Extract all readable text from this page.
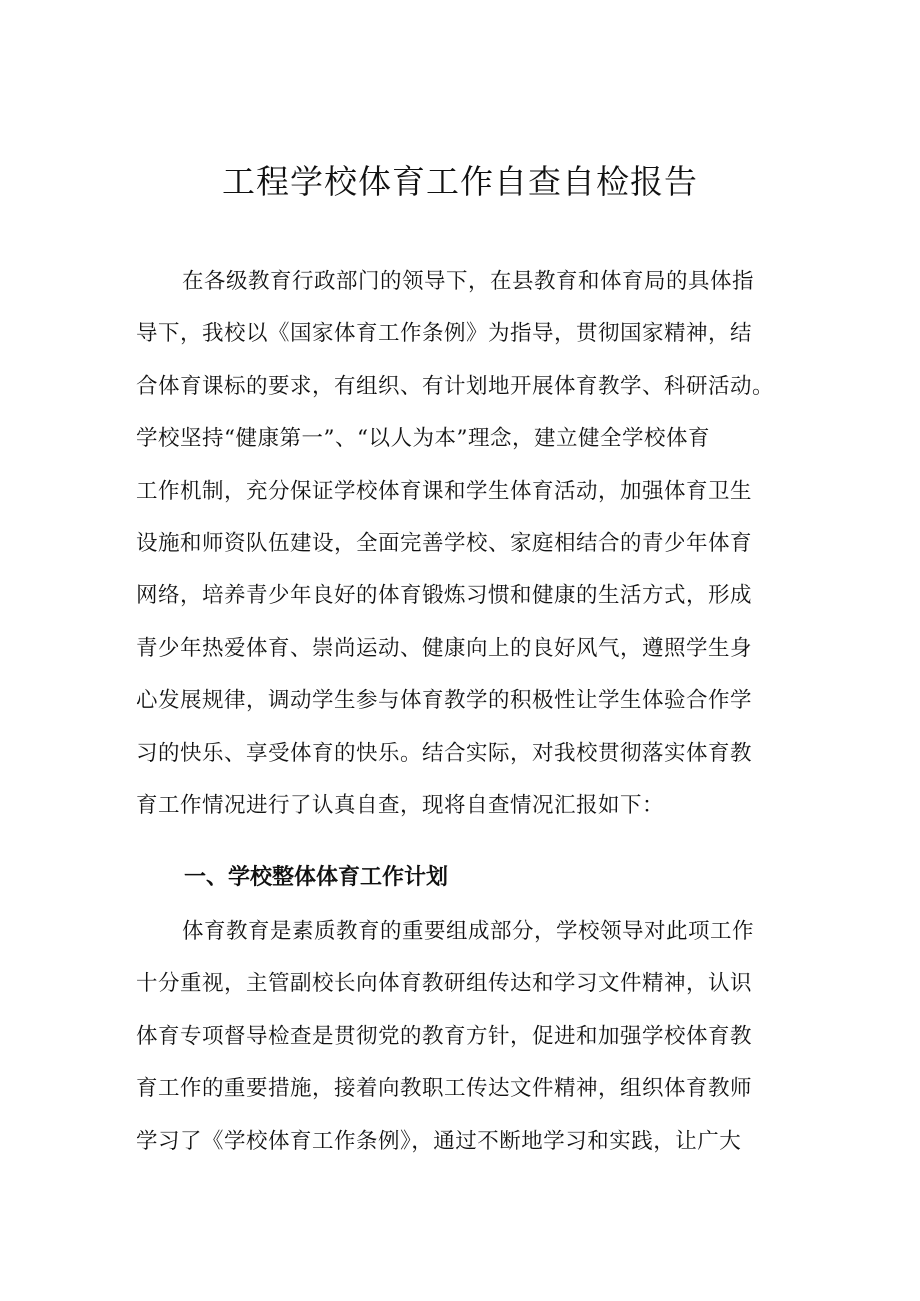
工程学校体育工作自查自检报告
在各级教育行政部门的领导下，在县教育和体育局的具体指
导下，我校以《国家体育工作条例》为指导，贯彻国家精神，结
合体育课标的要求，有组织、有计划地开展体育教学、科研活动。
学校坚持“健康第一”、“以人为本”理念，建立健全学校体育
工作机制，充分保证学校体育课和学生体育活动，加强体育卫生
设施和师资队伍建设，全面完善学校、家庭相结合的青少年体育
网络，培养青少年良好的体育锻炼习惯和健康的生活方式，形成
青少年热爱体育、崇尚运动、健康向上的良好风气，遵照学生身
心发展规律，调动学生参与体育教学的积极性让学生体验合作学
习的快乐、享受体育的快乐。结合实际，对我校贯彻落实体育教
育工作情况进行了认真自查，现将自查情况汇报如下：
一、学校整体体育工作计划
体育教育是素质教育的重要组成部分，学校领导对此项工作
十分重视，主管副校长向体育教研组传达和学习文件精神，认识
体育专项督导检查是贯彻党的教育方针，促进和加强学校体育教
育工作的重要措施，接着向教职工传达文件精神，组织体育教师
学习了《学校体育工作条例》，通过不断地学习和实践，让广大
